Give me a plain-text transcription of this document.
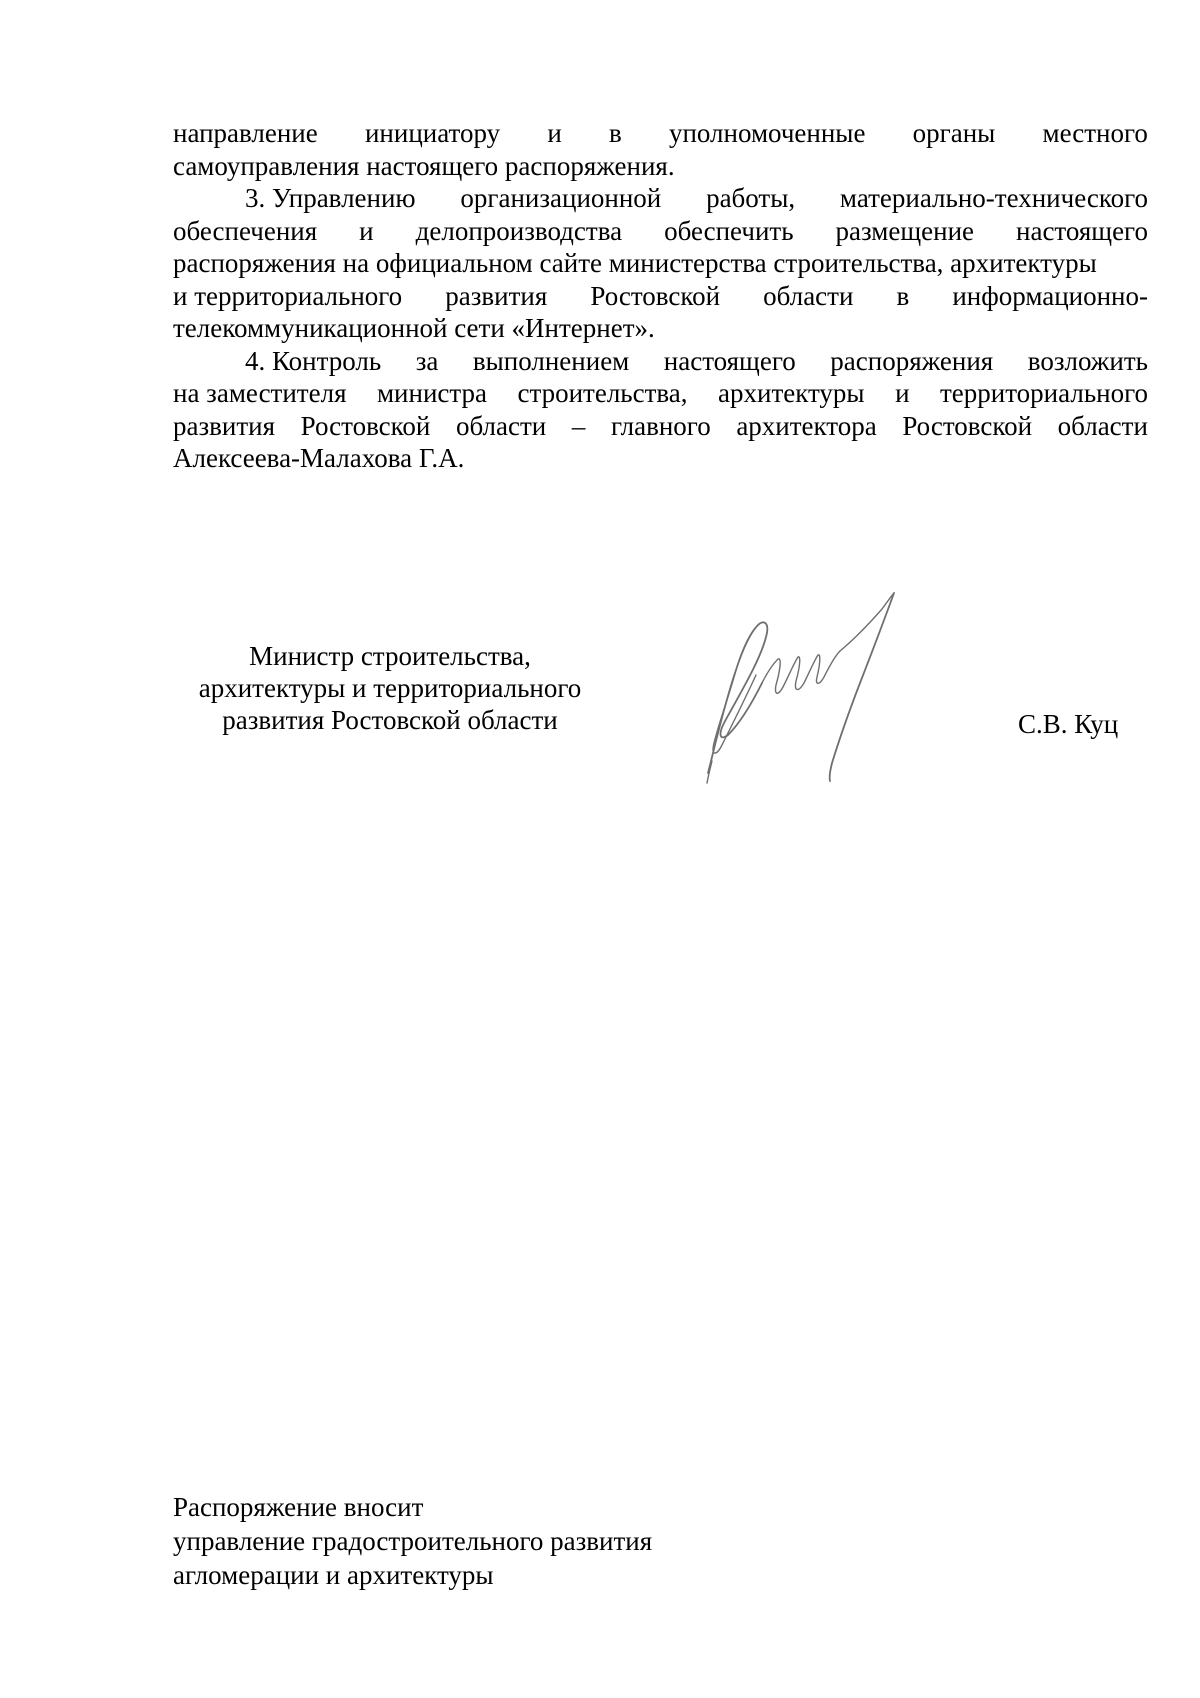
направление инициатору и в уполномоченные органы местного
самоуправления настоящего распоряжения.
3. Управлению организационной работы, материально-технического
обеспечения и делопроизводства обеспечить размещение настоящего
распоряжения на официальном сайте министерства строительства, архитектуры
и территориального развития Ростовской области в информационно-
телекоммуникационной сети «Интернет».
4. Контроль за выполнением настоящего распоряжения возложить
на заместителя министра строительства, архитектуры и территориального
развития Ростовской области – главного архитектора Ростовской области
Алексеева-Малахова Г.А.
Министр строительства,
архитектуры и территориального
развития Ростовской области	С.В. Куц
Распоряжение вносит
управление градостроительного развития
агломерации и архитектуры
